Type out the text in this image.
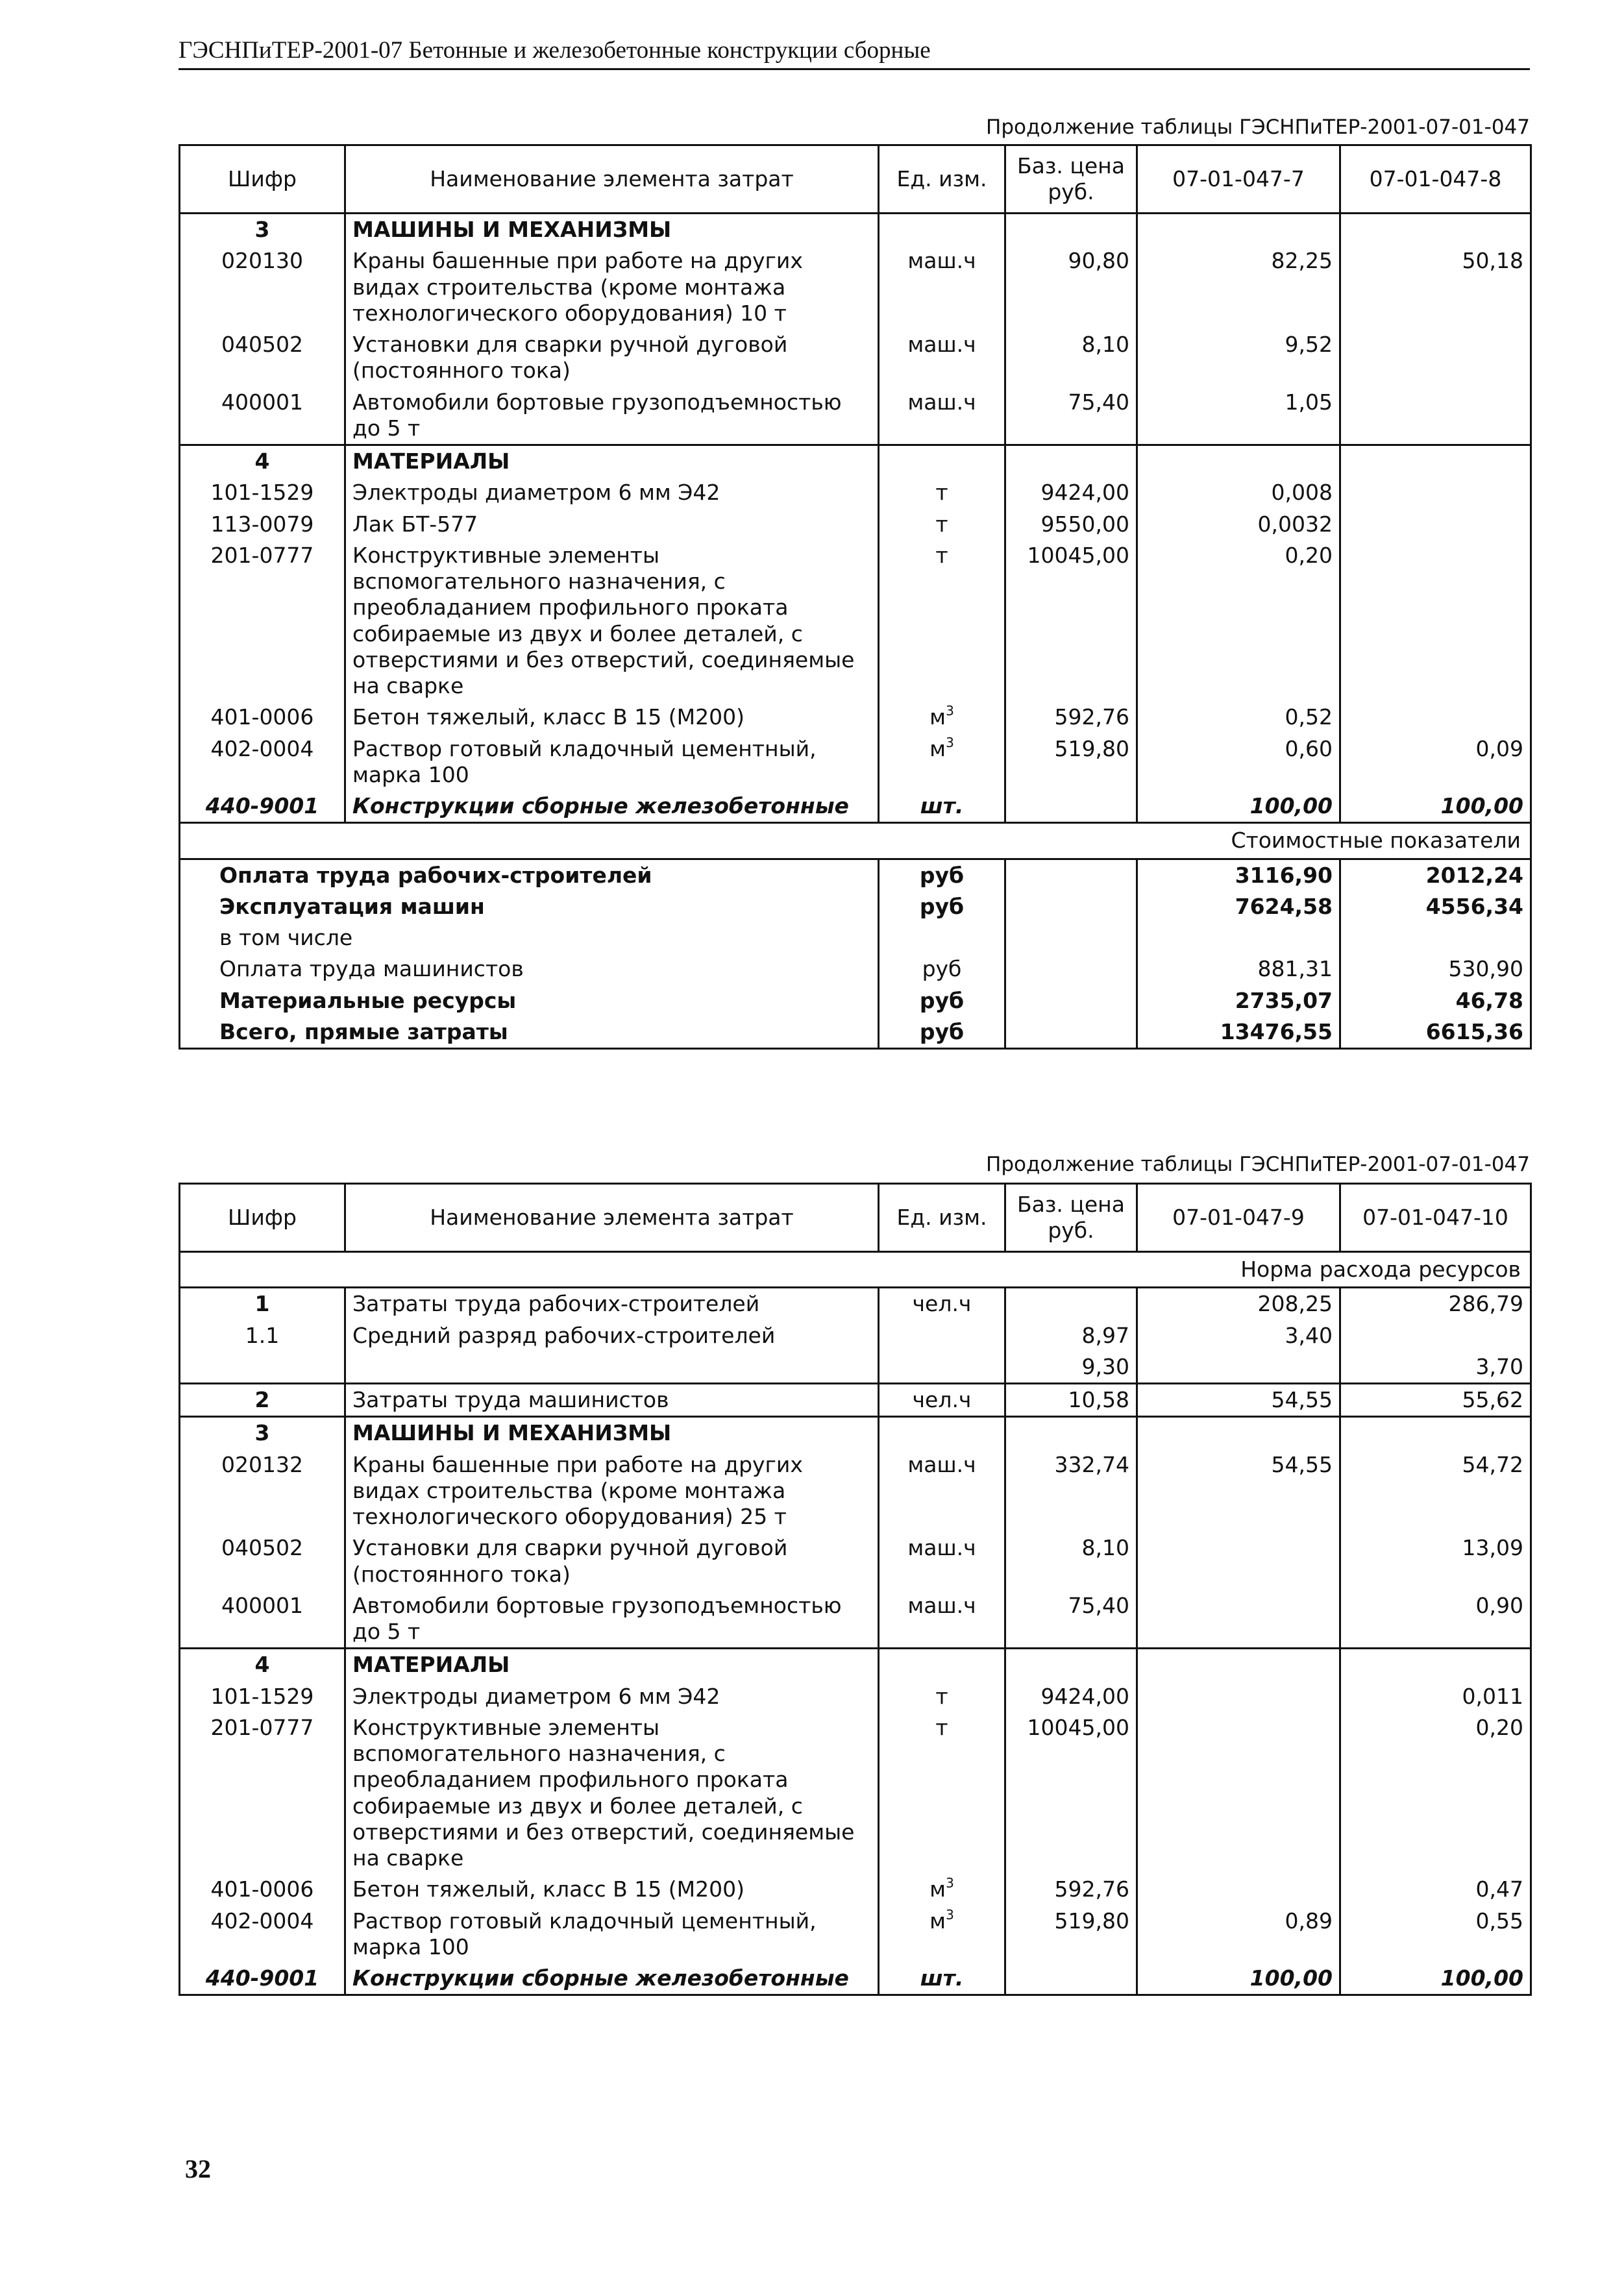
ГЭСНПиТЕР-2001-07 Бетонные и железобетонные конструкции сборные
Продолжение таблицы ГЭСНПиТЕР-2001-07-01-047
Шифр	Наименование элемента затрат	Ед. изм.	Баз. цена руб.	07-01-047-7	07-01-047-8
3	МАШИНЫ И МЕХАНИЗМЫ				
020130	Краны башенные при работе на других видах строительства (кроме монтажа технологического оборудования) 10 т	маш.ч	90,80	82,25	50,18
040502	Установки для сварки ручной дуговой (постоянного тока)	маш.ч	8,10	9,52	
400001	Автомобили бортовые грузоподъемностью до 5 т	маш.ч	75,40	1,05	
4	МАТЕРИАЛЫ				
101-1529	Электроды диаметром 6 мм Э42	т	9424,00	0,008	
113-0079	Лак БТ-577	т	9550,00	0,0032	
201-0777	Конструктивные элементы вспомогательного назначения, с преобладанием профильного проката собираемые из двух и более деталей, с отверстиями и без отверстий, соединяемые на сварке	т	10045,00	0,20	
401-0006	Бетон тяжелый, класс В 15 (М200)	$м^3$	592,76	0,52	
402-0004	Раствор готовый кладочный цементный, марка 100	$м^3$	519,80	0,60	0,09
440-9001	Конструкции сборные железобетонные	шт.		100,00	100,00
Стоимостные показатели					
Оплата труда рабочих-строителей		руб		3116,90	2012,24
Эксплуатация машин		руб		7624,58	4556,34
в том числе					
Оплата труда машинистов		руб		881,31	530,90
Материальные ресурсы		руб		2735,07	46,78
Всего, прямые затраты		руб		13476,55	6615,36
Продолжение таблицы ГЭСНПиТЕР-2001-07-01-047
Шифр	Наименование элемента затрат	Ед. изм.	Баз. цена руб.	07-01-047-9	07-01-047-10
Норма расхода ресурсов					
1	Затраты труда рабочих-строителей	чел.ч		208,25	286,79
1.1	Средний разряд рабочих-строителей		8,97	3,40	
			9,30		3,70
2	Затраты труда машинистов	чел.ч	10,58	54,55	55,62
3	МАШИНЫ И МЕХАНИЗМЫ				
020132	Краны башенные при работе на других видах строительства (кроме монтажа технологического оборудования) 25 т	маш.ч	332,74	54,55	54,72
040502	Установки для сварки ручной дуговой (постоянного тока)	маш.ч	8,10		13,09
400001	Автомобили бортовые грузоподъемностью до 5 т	маш.ч	75,40		0,90
4	МАТЕРИАЛЫ				
101-1529	Электроды диаметром 6 мм Э42	т	9424,00		0,011
201-0777	Конструктивные элементы вспомогательного назначения, с преобладанием профильного проката собираемые из двух и более деталей, с отверстиями и без отверстий, соединяемые на сварке	т	10045,00		0,20
401-0006	Бетон тяжелый, класс В 15 (М200)	$м^3$	592,76		0,47
402-0004	Раствор готовый кладочный цементный, марка 100	$м^3$	519,80	0,89	0,55
440-9001	Конструкции сборные железобетонные	шт.		100,00	100,00
32
